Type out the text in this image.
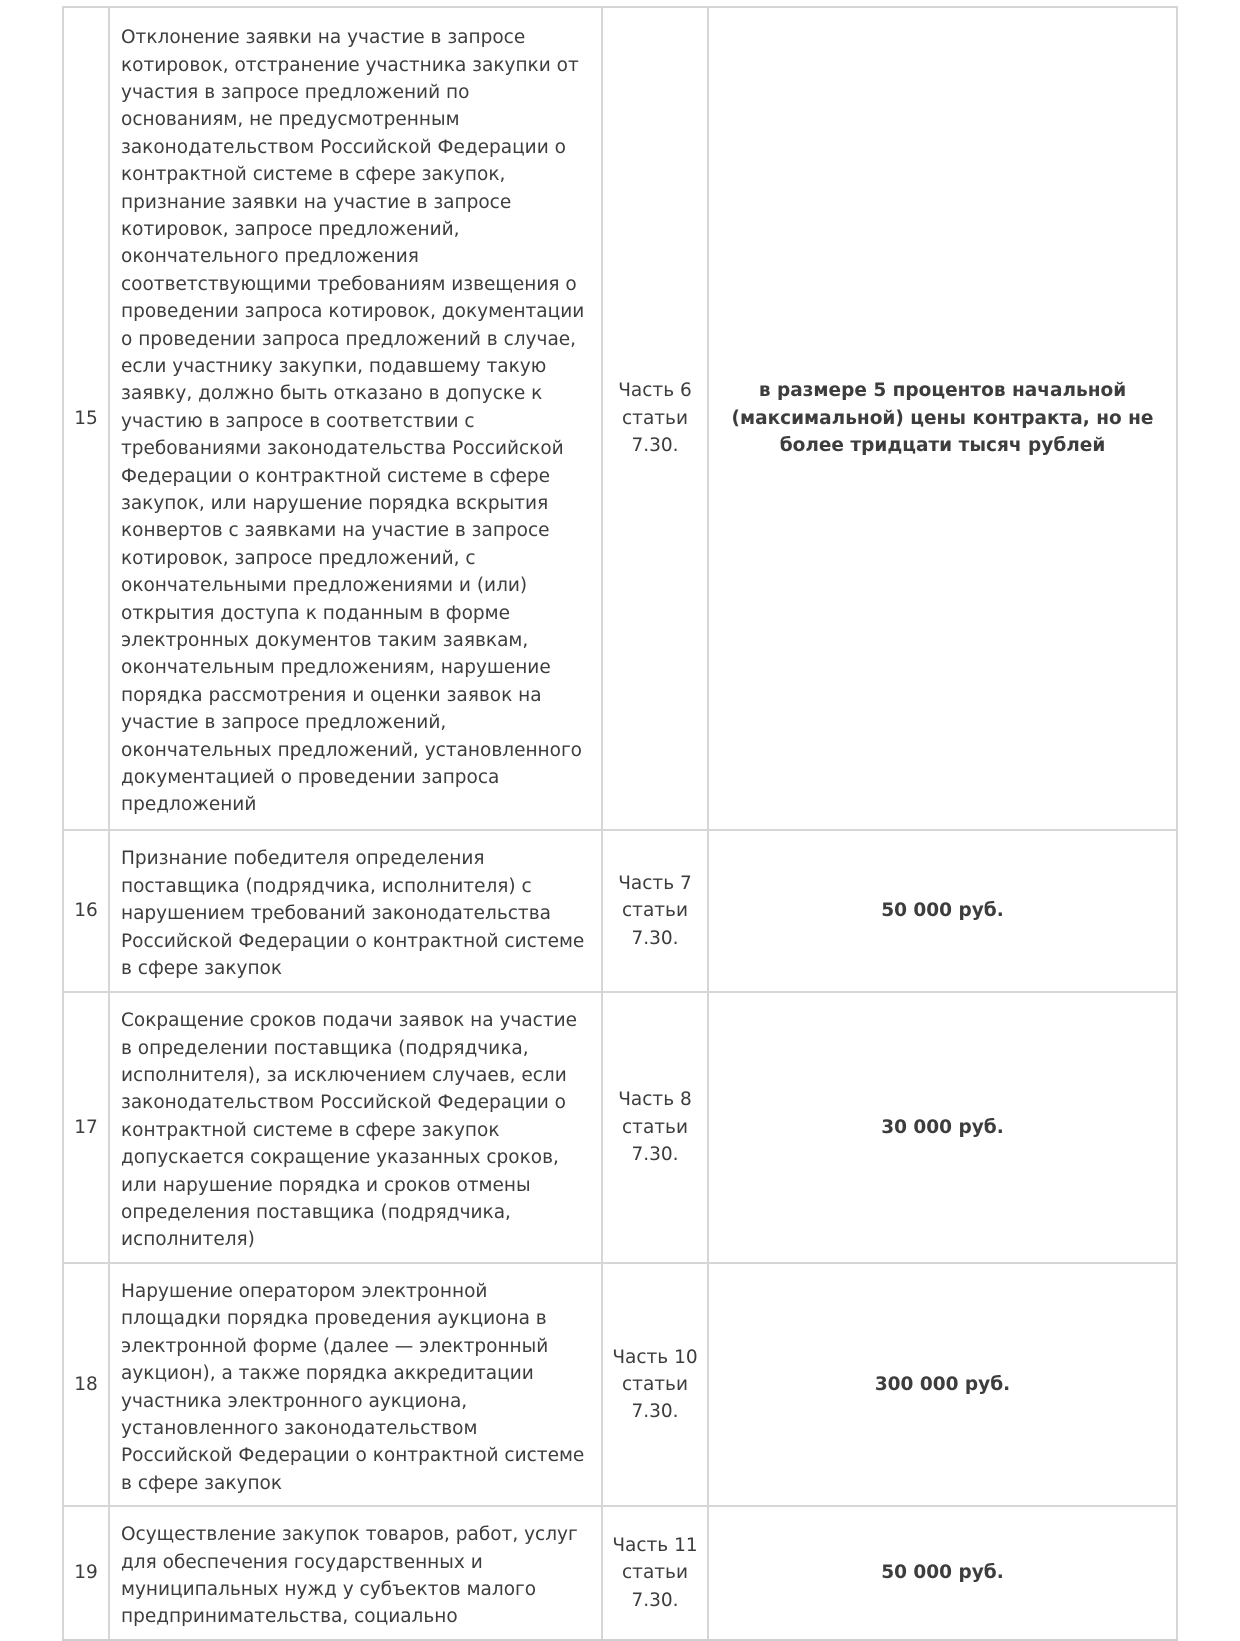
15	Отклонение заявки на участие в запросе котировок, отстранение участника закупки от участия в запросе предложений по основаниям, не предусмотренным законодательством Российской Федерации о контрактной системе в сфере закупок, признание заявки на участие в запросе котировок, запросе предложений, окончательного предложения соответствующими требованиям извещения о проведении запроса котировок, документации о проведении запроса предложений в случае, если участнику закупки, подавшему такую заявку, должно быть отказано в допуске к участию в запросе в соответствии с требованиями законодательства Российской Федерации о контрактной системе в сфере закупок, или нарушение порядка вскрытия конвертов с заявками на участие в запросе котировок, запросе предложений, с окончательными предложениями и (или) открытия доступа к поданным в форме электронных документов таким заявкам, окончательным предложениям, нарушение порядка рассмотрения и оценки заявок на участие в запросе предложений, окончательных предложений, установленного документацией о проведении запроса предложений	Часть 6 статьи 7.30.	в размере 5 процентов начальной (максимальной) цены контракта, но не более тридцати тысяч рублей
16	Признание победителя определения поставщика (подрядчика, исполнителя) с нарушением требований законодательства Российской Федерации о контрактной системе в сфере закупок	Часть 7 статьи 7.30.	50 000 руб.
17	Сокращение сроков подачи заявок на участие в определении поставщика (подрядчика, исполнителя), за исключением случаев, если законодательством Российской Федерации о контрактной системе в сфере закупок допускается сокращение указанных сроков, или нарушение порядка и сроков отмены определения поставщика (подрядчика, исполнителя)	Часть 8 статьи 7.30.	30 000 руб.
18	Нарушение оператором электронной площадки порядка проведения аукциона в электронной форме (далее — электронный аукцион), а также порядка аккредитации участника электронного аукциона, установленного законодательством Российской Федерации о контрактной системе в сфере закупок	Часть 10 статьи 7.30.	300 000 руб.
19	Осуществление закупок товаров, работ, услуг для обеспечения государственных и муниципальных нужд у субъектов малого предпринимательства, социально	Часть 11 статьи 7.30.	50 000 руб.
